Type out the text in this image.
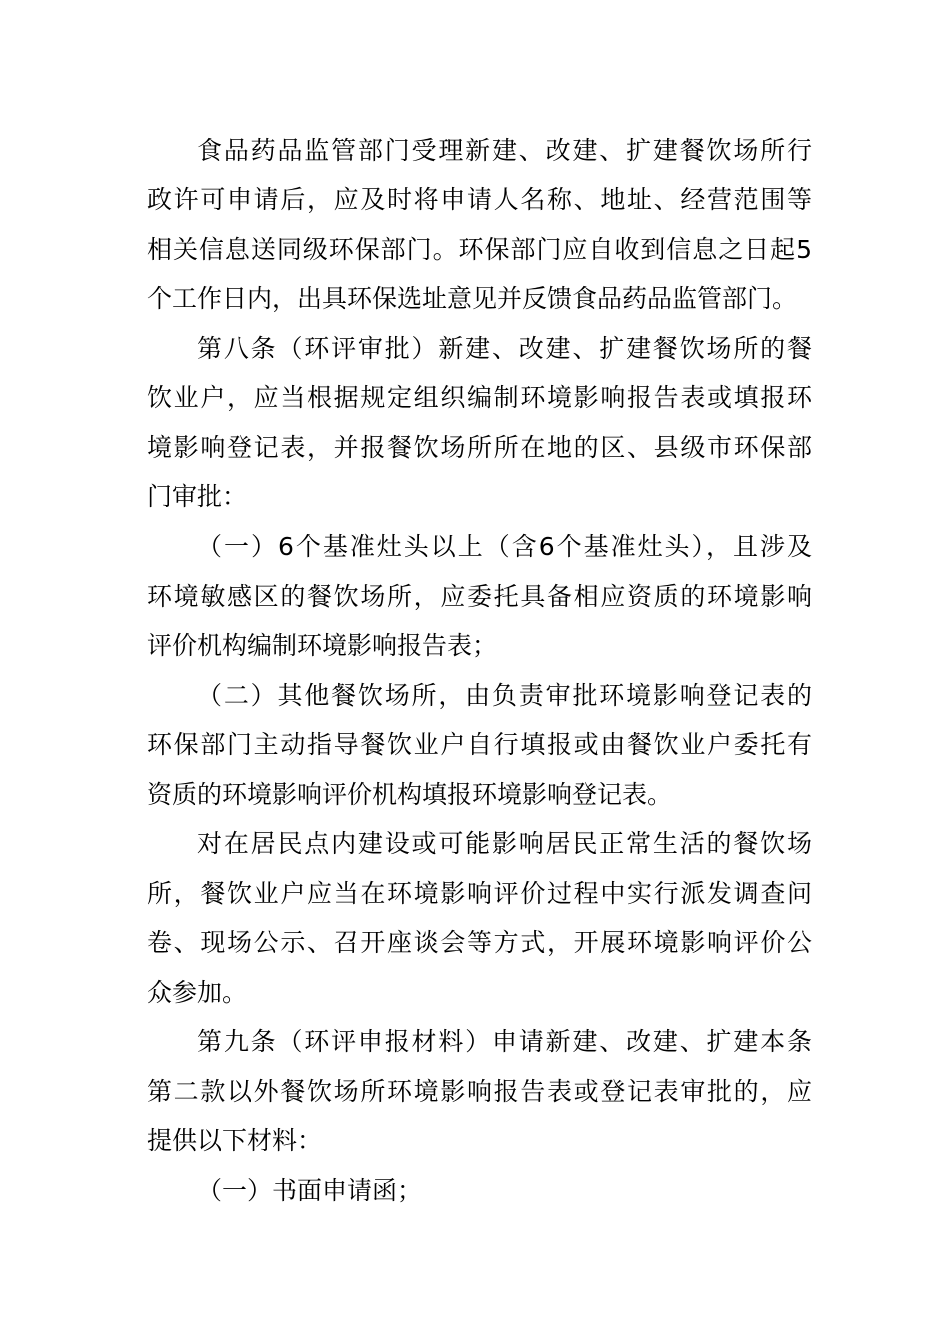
食品药品监管部门受理新建、改建、扩建餐饮场所行
政许可申请后，应及时将申请人名称、地址、经营范围等
相关信息送同级环保部门。环保部门应自收到信息之日起5
个工作日内，出具环保选址意见并反馈食品药品监管部门。
第八条（环评审批）新建、改建、扩建餐饮场所的餐
饮业户，应当根据规定组织编制环境影响报告表或填报环
境影响登记表，并报餐饮场所所在地的区、县级市环保部
门审批：
（一）6个基准灶头以上（含6个基准灶头），且涉及
环境敏感区的餐饮场所，应委托具备相应资质的环境影响
评价机构编制环境影响报告表；
（二）其他餐饮场所，由负责审批环境影响登记表的
环保部门主动指导餐饮业户自行填报或由餐饮业户委托有
资质的环境影响评价机构填报环境影响登记表。
对在居民点内建设或可能影响居民正常生活的餐饮场
所，餐饮业户应当在环境影响评价过程中实行派发调查问
卷、现场公示、召开座谈会等方式，开展环境影响评价公
众参加。
第九条（环评申报材料）申请新建、改建、扩建本条
第二款以外餐饮场所环境影响报告表或登记表审批的，应
提供以下材料：
（一）书面申请函；
